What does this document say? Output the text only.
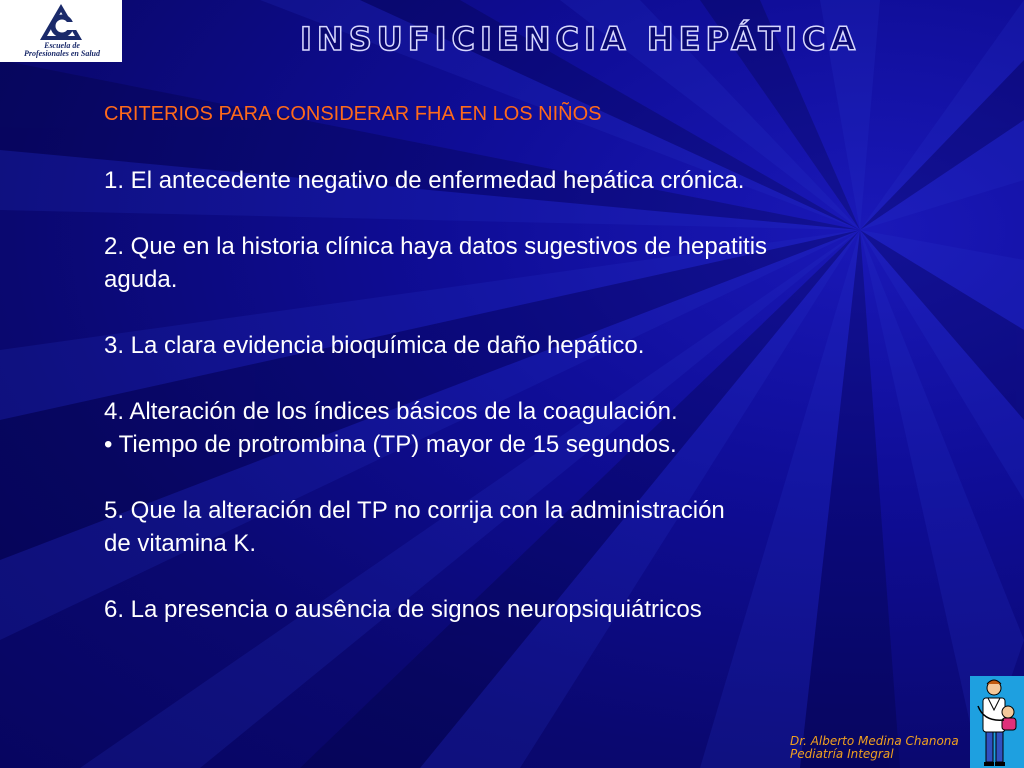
Escuela de
Profesionales en Salud	INSUFICIENCIA HEPÁTICA
CRITERIOS PARA CONSIDERAR FHA EN LOS NIÑOS
1. El antecedente negativo de enfermedad hepática crónica.
2. Que en la historia clínica haya datos sugestivos de hepatitis
aguda.
3. La clara evidencia bioquímica de daño hepático.
4. Alteración de los índices básicos de la coagulación.
• Tiempo de protrombina (TP) mayor de 15 segundos.
5. Que la alteración del TP no corrija con la administración
de vitamina K.
6. La presencia o ausência de signos neuropsiquiátricos
Dr. Alberto Medina Chanona
Pediatría Integral
